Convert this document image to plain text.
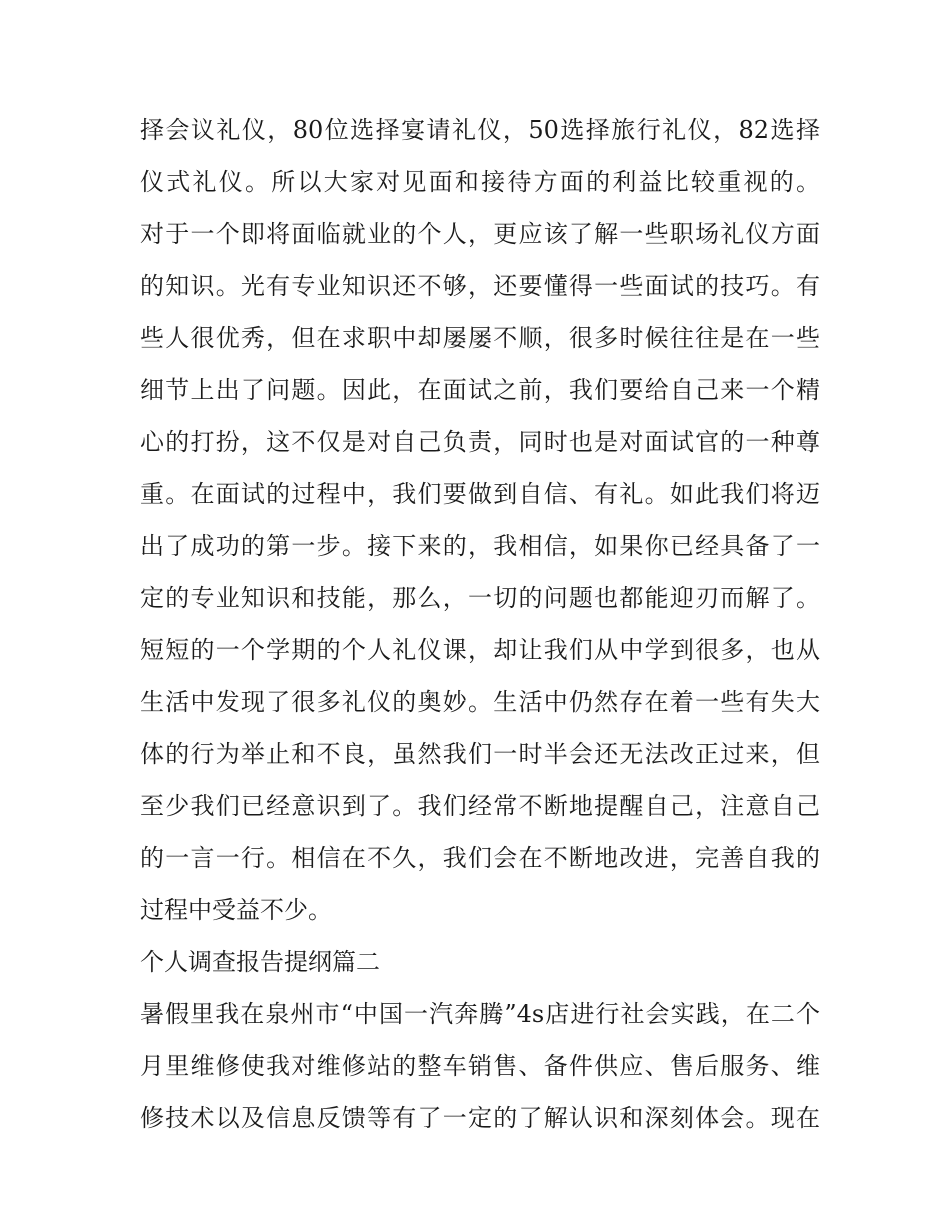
择会议礼仪，80位选择宴请礼仪，50选择旅行礼仪，82选择
仪式礼仪。所以大家对见面和接待方面的利益比较重视的。
对于一个即将面临就业的个人，更应该了解一些职场礼仪方面
的知识。光有专业知识还不够，还要懂得一些面试的技巧。有
些人很优秀，但在求职中却屡屡不顺，很多时候往往是在一些
细节上出了问题。因此，在面试之前，我们要给自己来一个精
心的打扮，这不仅是对自己负责，同时也是对面试官的一种尊
重。在面试的过程中，我们要做到自信、有礼。如此我们将迈
出了成功的第一步。接下来的，我相信，如果你已经具备了一
定的专业知识和技能，那么，一切的问题也都能迎刃而解了。
短短的一个学期的个人礼仪课，却让我们从中学到很多，也从
生活中发现了很多礼仪的奥妙。生活中仍然存在着一些有失大
体的行为举止和不良，虽然我们一时半会还无法改正过来，但
至少我们已经意识到了。我们经常不断地提醒自己，注意自己
的一言一行。相信在不久，我们会在不断地改进，完善自我的
过程中受益不少。
个人调查报告提纲篇二
暑假里我在泉州市“中国一汽奔腾”4s店进行社会实践，在二个
月里维修使我对维修站的整车销售、备件供应、售后服务、维
修技术以及信息反馈等有了一定的了解认识和深刻体会。现在
